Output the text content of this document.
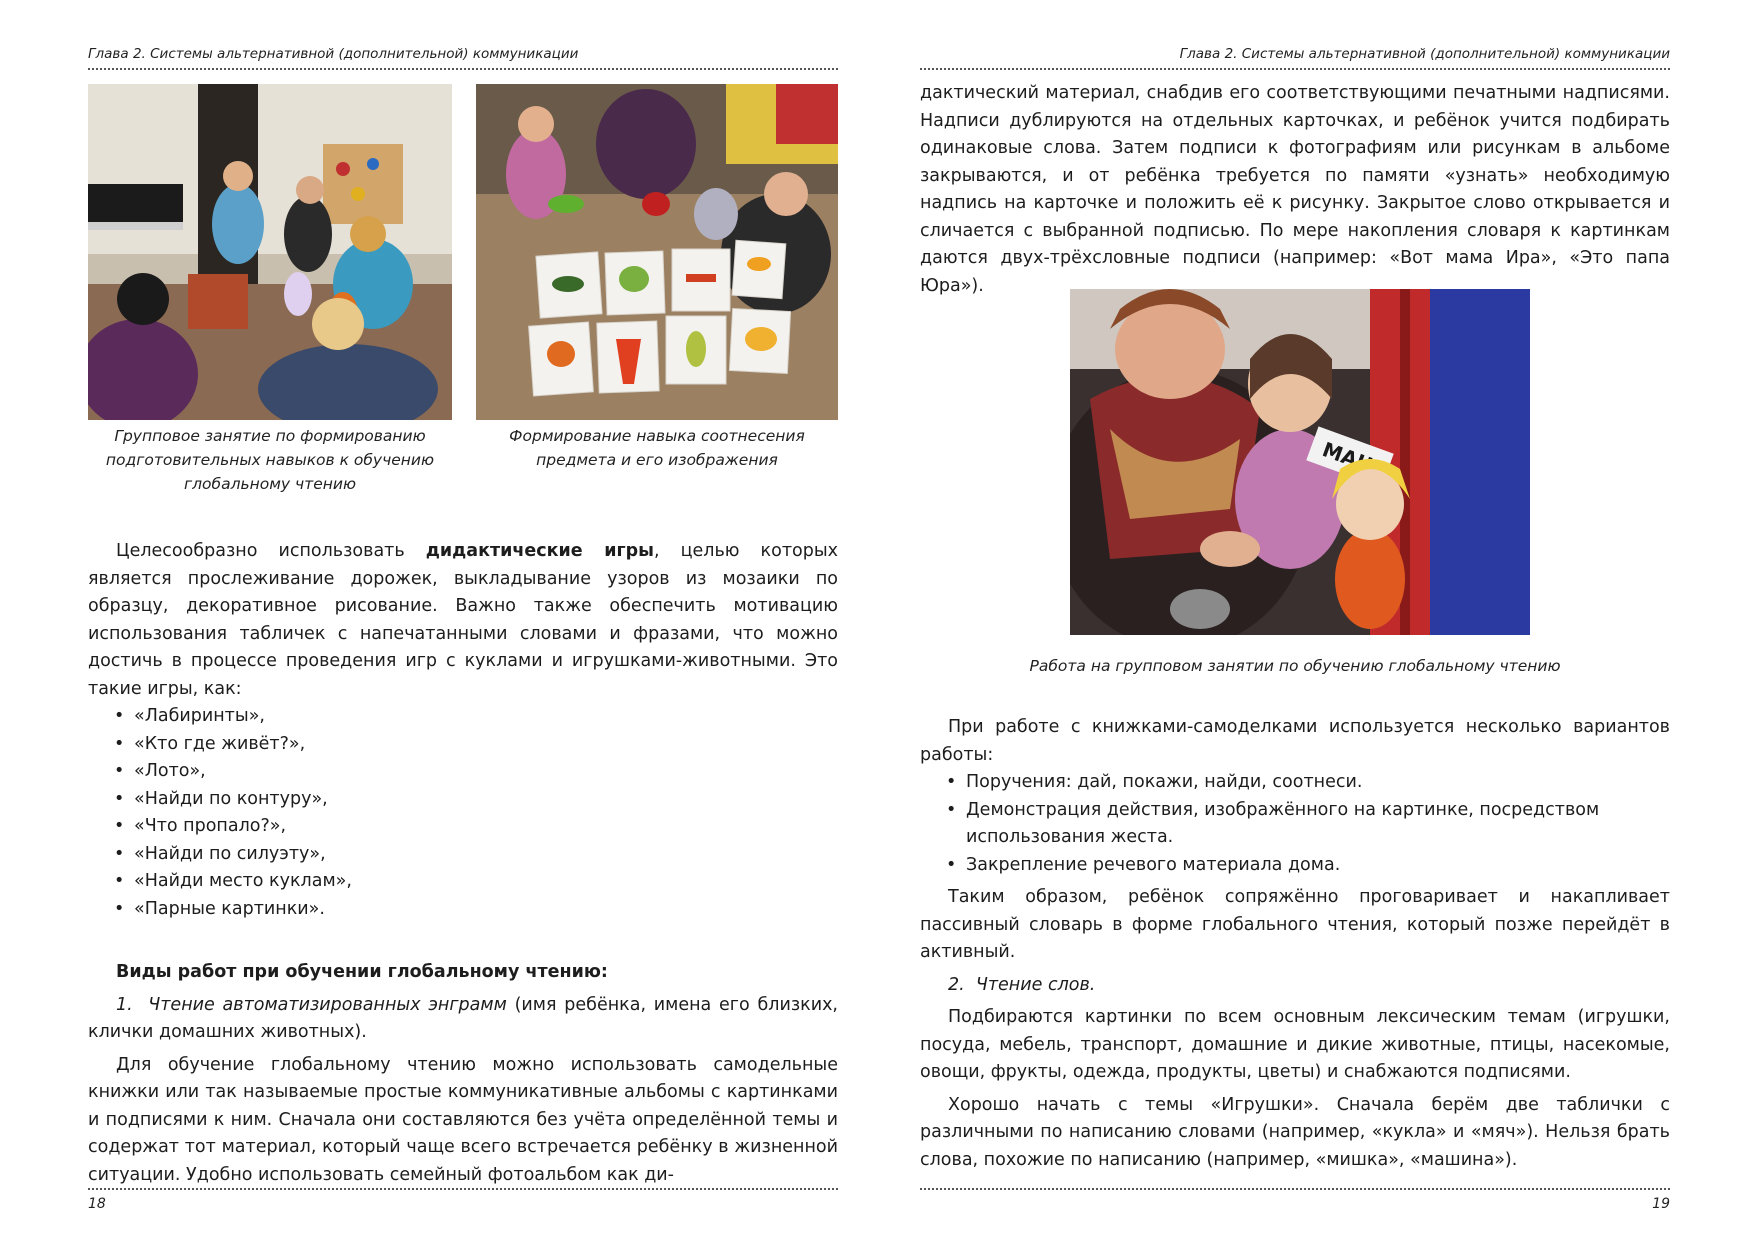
Глава 2. Системы альтернативной (дополнительной) коммуникации
Групповое занятие по формированию подготовительных навыков к обучению глобальному чтению
Формирование навыка соотнесения предмета и его изображения

Целесообразно использовать дидактические игры, целью которых является прослеживание дорожек, выкладывание узоров из мозаики по образцу, декоративное рисование. Важно также обеспечить мотивацию использования табличек с напечатанными словами и фразами, что можно достичь в процессе проведения игр с куклами и игрушками-животными. Это такие игры, как:

• «Лабиринты»,
• «Кто где живёт?»,
• «Лото»,
• «Найди по контуру»,
• «Что пропало?»,
• «Найди по силуэту»,
• «Найди место куклам»,
• «Парные картинки».

Виды работ при обучении глобальному чтению:

1. Чтение автоматизированных энграмм (имя ребёнка, имена его близких, клички домашних животных).

Для обучение глобальному чтению можно использовать самодельные книжки или так называемые простые коммуникативные альбомы с картинками и подписями к ним. Сначала они составляются без учёта определённой темы и содержат тот материал, который чаще всего встречается ребёнку в жизненной ситуации. Удобно использовать семейный фотоальбом как ди-

18
Глава 2. Системы альтернативной (дополнительной) коммуникации

дактический материал, снабдив его соответствующими печатными надписями. Надписи дублируются на отдельных карточках, и ребёнок учится подбирать одинаковые слова. Затем подписи к фотографиям или рисункам в альбоме закрываются, и от ребёнка требуется по памяти «узнать» необходимую надпись на карточке и положить её к рисунку. Закрытое слово открывается и сличается с выбранной подписью. По мере накопления словаря к картинкам даются двух-трёхсловные подписи (например: «Вот мама Ира», «Это папа Юра»).

Работа на групповом занятии по обучению глобальному чтению

При работе с книжками-самоделками используется несколько вариантов работы:

• Поручения: дай, покажи, найди, соотнеси.
• Демонстрация действия, изображённого на картинке, посредством использования жеста.
• Закрепление речевого материала дома.

Таким образом, ребёнок сопряжённо проговаривает и накапливает пассивный словарь в форме глобального чтения, который позже перейдёт в активный.

2. Чтение слов.

Подбираются картинки по всем основным лексическим темам (игрушки, посуда, мебель, транспорт, домашние и дикие животные, птицы, насекомые, овощи, фрукты, одежда, продукты, цветы) и снабжаются подписями.

Хорошо начать с темы «Игрушки». Сначала берём две таблички с различными по написанию словами (например, «кукла» и «мяч»). Нельзя брать слова, похожие по написанию (например, «мишка», «машина»).

19
